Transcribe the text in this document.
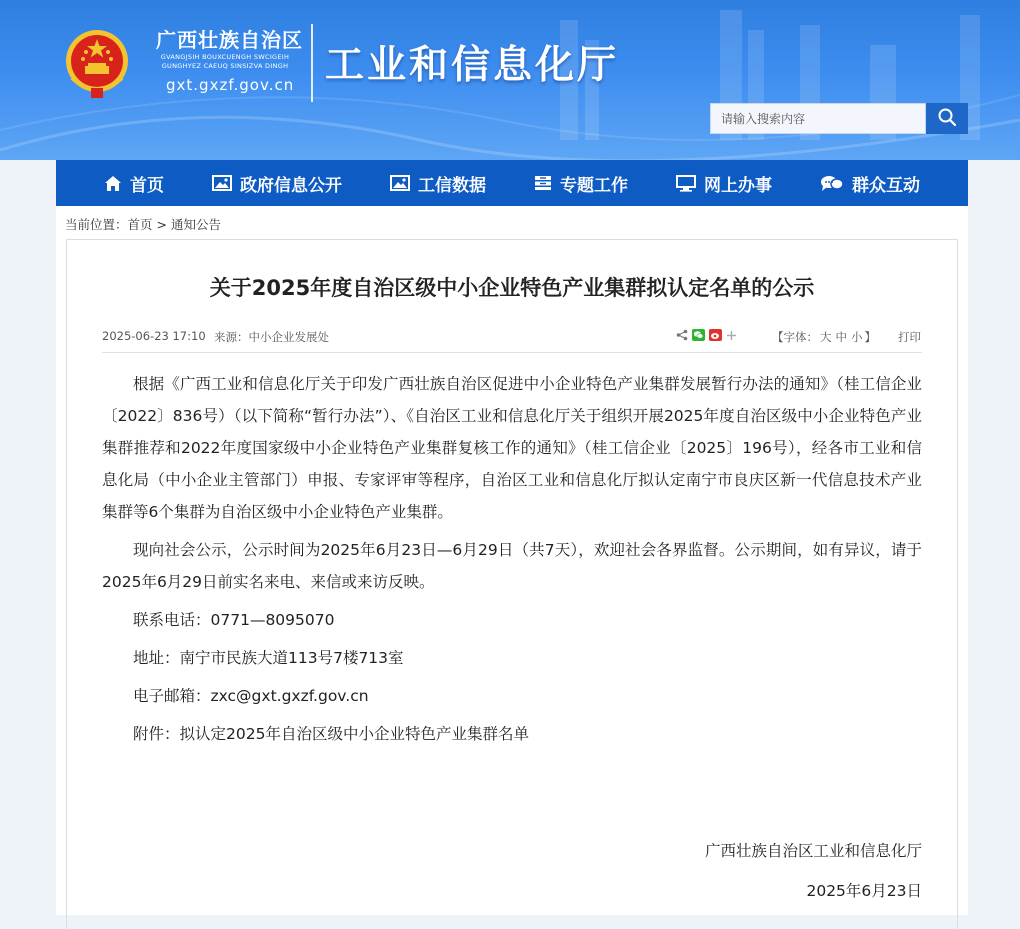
广西壮族自治区
GVANGJSIH BOUXCUENGH SWCIGEIH GUNGHYEZ CAEUQ SINSIZVA DINGH
gxt.gxzf.gov.cn 工业和信息化厅
请输入搜索内容
首页	政府信息公开	工信数据	专题工作	网上办事	群众互动
当前位置：首页 > 通知公告
关于2025年度自治区级中小企业特色产业集群拟认定名单的公示
2025-06-23 17:10 来源：中小企业发展处	【字体： 大 中 小 】 打印

根据《广西工业和信息化厅关于印发广西壮族自治区促进中小企业特色产业集群发展暂行办法的通知》（桂工信企业〔2022〕836号）（以下简称“暂行办法”）、《自治区工业和信息化厅关于组织开展2025年度自治区级中小企业特色产业集群推荐和2022年度国家级中小企业特色产业集群复核工作的通知》（桂工信企业〔2025〕196号），经各市工业和信息化局（中小企业主管部门）申报、专家评审等程序，自治区工业和信息化厅拟认定南宁市良庆区新一代信息技术产业集群等6个集群为自治区级中小企业特色产业集群。

现向社会公示，公示时间为2025年6月23日—6月29日（共7天），欢迎社会各界监督。公示期间，如有异议，请于2025年6月29日前实名来电、来信或来访反映。

联系电话：0771—8095070

地址：南宁市民族大道113号7楼713室

电子邮箱：zxc@gxt.gxzf.gov.cn

附件：拟认定2025年自治区级中小企业特色产业集群名单

广西壮族自治区工业和信息化厅
2025年6月23日
